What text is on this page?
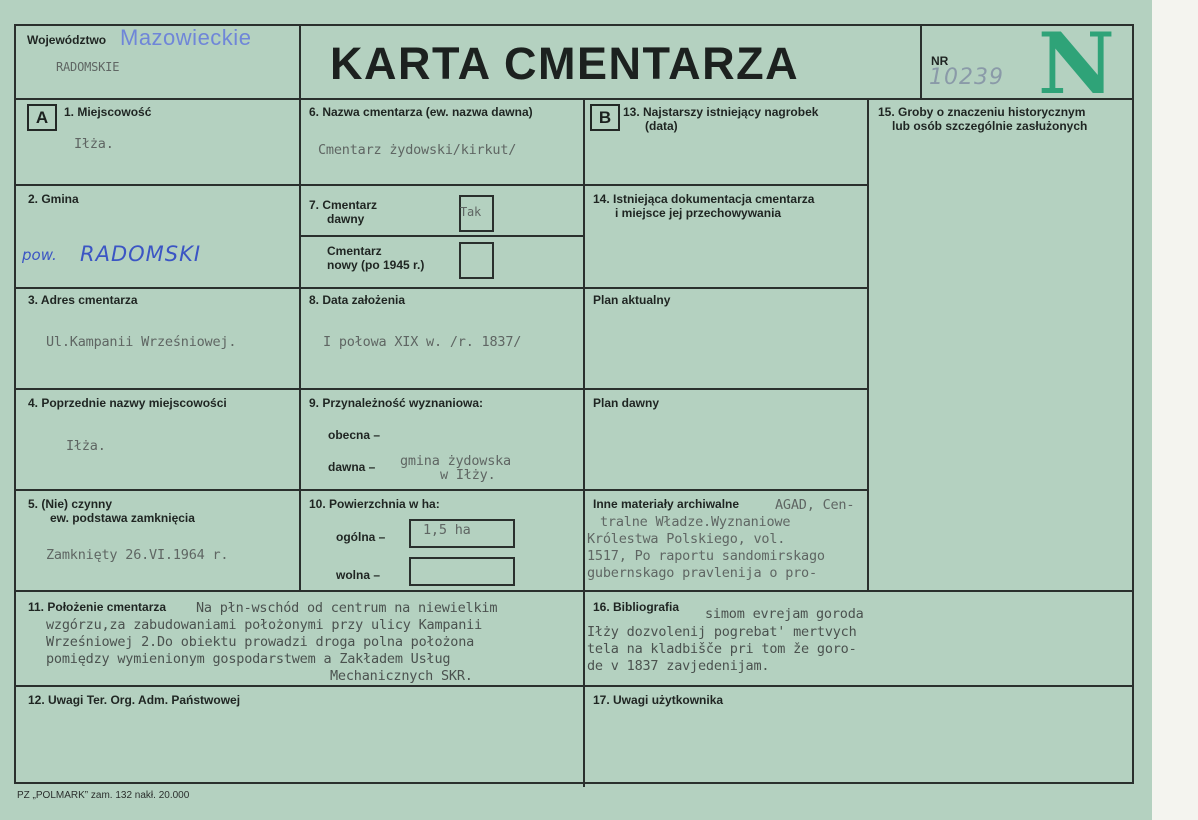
Województwo Mazowieckie
RADOMSKIE	KARTA CMENTARZA	NR
10239 N
A	1. Miejscowość
Iłża.
2. Gmina
pow. RADOMSKI
3. Adres cmentarza
Ul.Kampanii Wrześniowej.
4. Poprzednie nazwy miejscowości
Iłża.
5. (Nie) czynny
ew. podstawa zamknięcia
Zamknięty 26.VI.1964 r.
6. Nazwa cmentarza (ew. nazwa dawna)
Cmentarz żydowski/kirkut/
7. Cmentarz
dawny	Tak
Cmentarz
nowy (po 1945 r.)
8. Data założenia
I połowa XIX w. /r. 1837/
9. Przynależność wyznaniowa:
obecna –
dawna – gmina żydowska
w Iłży.
10. Powierzchnia w ha:
ogólna –	1,5 ha
wolna –
B 13. Najstarszy istniejący nagrobek
(data)
14. Istniejąca dokumentacja cmentarza
i miejsce jej przechowywania
Plan aktualny
Plan dawny
Inne materiały archiwalne	AGAD, Cen-
tralne Władze.Wyznaniowe
Królestwa Polskiego, vol.
1517, Po raportu sandomirskago
gubernskago pravlenija o pro-
15. Groby o znaczeniu historycznym
lub osób szczególnie zasłużonych
11. Położenie cmentarza Na płn-wschód od centrum na niewielkim
wzgórzu,za zabudowaniami położonymi przy ulicy Kampanii
Wrześniowej 2.Do obiektu prowadzi droga polna położona
pomiędzy wymienionym gospodarstwem a Zakładem Usług
Mechanicznych SKR.
16. Bibliografia simom evrejam goroda
Iłży dozvolenij pogrebat' mertvych
tela na kladbišče pri tom že goro-
de v 1837 zavjedenijam.
12. Uwagi Ter. Org. Adm. Państwowej	17. Uwagi użytkownika
PZ „POLMARK” zam. 132 nakł. 20.000
